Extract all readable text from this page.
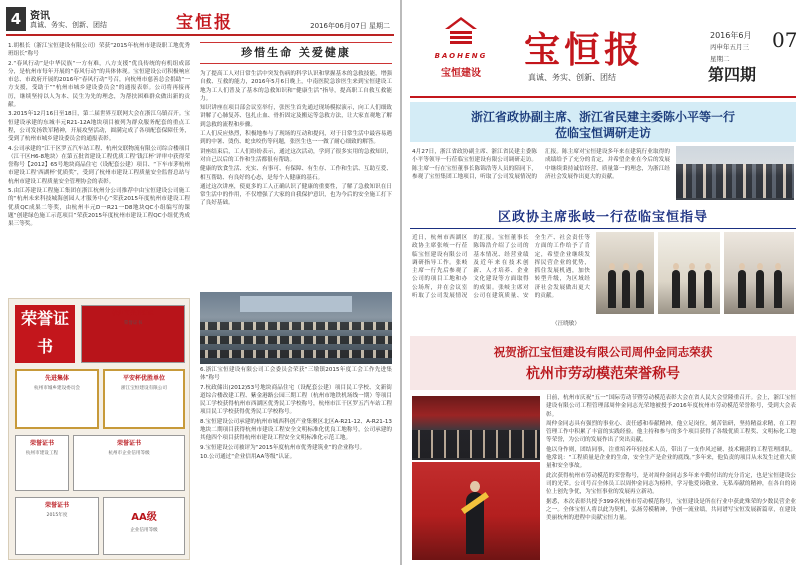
4 资讯
真诚、务实、创新、团结	宝恒报	2016年06月07日 星期二

1.胡根长（浙江宝恒建设有限公司）荣获“2015年杭州市建设职工地优秀班组长”称号

2.“春风行动”是中华民族“一方有难，八方支援”优良传统的有机组成部分，是杭州市每年开展的“春风行动”的具体体现。宝恒建设公司积极响应市总、市政府开展的2016年“春风行动”号召，向杭州市慈善总会捐助“一方支援，受助于”“杭州市城乡建设委员会”的通报表彰。公司将再接再厉，继续坚持以人为本、民生为先的理念，为帮扶困难群众做出新的贡献。

3.2015年12月16日至18日，第二届世界互联网大会在浙江乌镇召开。宝恒建设承建的东城丰元R21-12A地块项目被列为群众服务配套的重点工程，公司发扬铁军精神，开展攻坚活动，圆满完成了各项配套保障任务，受到了杭州市城乡建设委员会的通报表彰。

4.公司承建的“江干区罗五汽车站工程、杭州交联物流有限公司综合楼项目（江干区H6-8地块）在第五批省建设工程优质工程‘钱江杯’评审中获得荣誉称号【2012】65号地块商品住宅（设配套公建）项目、“下车市茅杭州市建设工程‘西湖杯’优质奖”，受到了杭州市建设工程质量安全监督总站与杭州市建设工程质量安全管理协会的表彰。

5.由江苏建设工程施工集团在浙江杭州分公司推荐中由宝恒建设公司施工的“杭州未来科技城海创园人才服务中心”荣获2015年度杭州市建设工程优质QC成果二等奖，由杭州丰元D一R21一D8地块QC小组编写的课题“创建绿色施工示范项目”荣获2015年度杭州市建设工程QC小组优秀成果三等奖。

荣誉证书
杭州市先进班组
荣誉证书
先进集体
杭州市城乡建设委员会
平安杯优胜单位
浙江宝恒建设有限公司
荣誉证书
杭州市建设工程
荣誉证书
杭州市企业信用等级
荣誉证书
2015年度	AA级
企业信用等级
珍惜生命 关爱健康

为了提高工人对日常生活中突发伤病的科学认识和掌握基本的急救技能，增强自救、互救的能力，2016年5月6日晚上，中南医院急诊医生来到宝恒建设工地为工人们普及了基本的急救知识和“健康生活”指导，提高职工自救互救能力。

知识讲座在项目部会议室举行，张医生首先通过现场模拟演示，向工人们细致讲解了心肺复苏、包扎止血、骨折固定及搬运等急救方法，让大家直观地了解到急救的流程和步骤。

工人们反应热烈，积极地参与了现场的互动和提问，对于日常生活中最容易遇到的中暑、烫伤、蛇虫咬伤等问题，张医生也一一做了耐心细致的解答。

讲座结束后，工人们纷纷表示，通过这次活动，学到了很多实用的急救知识，对自己以后的工作和生活都很有帮助。

健康的饮食生活、充实、有事可、有保障、有生存、工作和生活、互助互爱、相互帮助、有良好的心态，是每个人健康的基石。

通过这次讲座，使更多的工人正确认识了健康的重要性，了解了急救知识在日常生活中的作用，不仅增强了大家的自我保护意识，也为今后的安全施工打下了良好基础。

6.浙江宝恒建设有限公司工会委员会荣获“三墩镇2015年度工会工作先进集体”称号

7.杭政储出(2012)53号地块商品住宅（设配套公建）项目民工学校、文新街道综合楼改建工程、紫金港路公园三期工程（杭州市地铁机场线一期）等项目民工学校获得杭州市西湖区优秀民工学校称号，杭州市江干区罗五汽车站工程项目民工学校获得优秀民工学校称号。

8.宝恒建设公司承建的杭州市城西科创产业集聚区北区A-R21-12、A-R21-13地块二期项目获得杭州市建设工程安全文明标准化优良工地称号，公司承建的其他四个项目获得杭州市建设工程安全文明标准化示范工地。

9.宝恒建设公司被评为“2015年度杭州市优秀建筑业”的企业称号。

10.公司通过“企业信用AA等级”认证。

BAOHENG
宝恒建设
宝恒报
真诚、务实、创新、团结
2016年6月 07
丙申年五月三
星期二
第四期
浙江省政协副主席、浙江省民建主委陈小平等一行
莅临宝恒调研走访
4月27日，浙江省政协副主席、浙江省民建主委陈小平等领导一行莅临宝恒建设有限公司调研走访。陈主席一行在宝恒董事长陈锦浩等人员的陪同下，参观了宝恒集团工地项目，听取了公司发展情况的汇报。陈主席对宝恒建设多年来在建筑行业取得的成绩给予了充分的肯定，并希望企业在今后的发展中继续秉持诚信经营、质量第一的理念，为浙江经济社会发展作出更大的贡献。
区政协主席张岐一行莅临宝恒指导
近日，杭州市西湖区政协主席张岐一行莅临宝恒建设有限公司调研指导工作。张岐主席一行先后参观了公司的项目工地和办公场所，并在会议室听取了公司发展情况的汇报。宝恒董事长陈锦浩介绍了公司的基本情况、经营业绩及近年来在技术创新、人才培养、企业文化建设等方面取得的成果。张岐主席对公司在建筑质量、安全生产、社会责任等方面的工作给予了肯定，希望企业继续发挥民营企业的优势，抓住发展机遇，加快转型升级，为区域经济社会发展做出更大的贡献。
（汪晓敏）
祝贺浙江宝恒建设有限公司周仲金同志荣获
杭州市劳动模范荣誉称号

日前，杭州市庆祝“五一”国际劳动节暨劳动模范表彰大会在省人民大会堂隆重召开。会上，浙江宝恒建设有限公司工程管理部周仲金同志光荣地被授予2016年度杭州市劳动模范荣誉称号，受到大会表彰。

周仲金同志具有强烈的事业心、责任感和奉献精神，他立足岗位，刻苦钻研，坚持精益求精，在工程管理工作中积累了丰富的实践经验。他主持和参与的多个项目获得了各级优质工程奖、文明标化工地等荣誉，为公司的发展作出了突出贡献。

他以身作则，团结同事，注重培养年轻技术人员，带出了一支作风过硬、技术精湛的工程管理团队。他常说：“工程质量是企业的生命，安全生产是企业的底线。”多年来，他负责的项目从未发生过重大质量和安全事故。

此次获得杭州市劳动模范的荣誉称号，是对周仲金同志多年来辛勤付出的充分肯定，也是宝恒建设公司的光荣。公司号召全体员工以周仲金同志为榜样，学习他爱岗敬业、无私奉献的精神，在各自的岗位上创先争优，为宝恒事业的发展再立新功。

据悉，本次表彰共授予399名杭州市劳动模范称号，宝恒建设是所在行业中获此殊荣的少数民营企业之一。全体宝恒人将以此为契机，弘扬劳模精神，争创一流业绩，共同谱写宝恒发展新篇章，在建设美丽杭州的进程中贡献宝恒力量。
